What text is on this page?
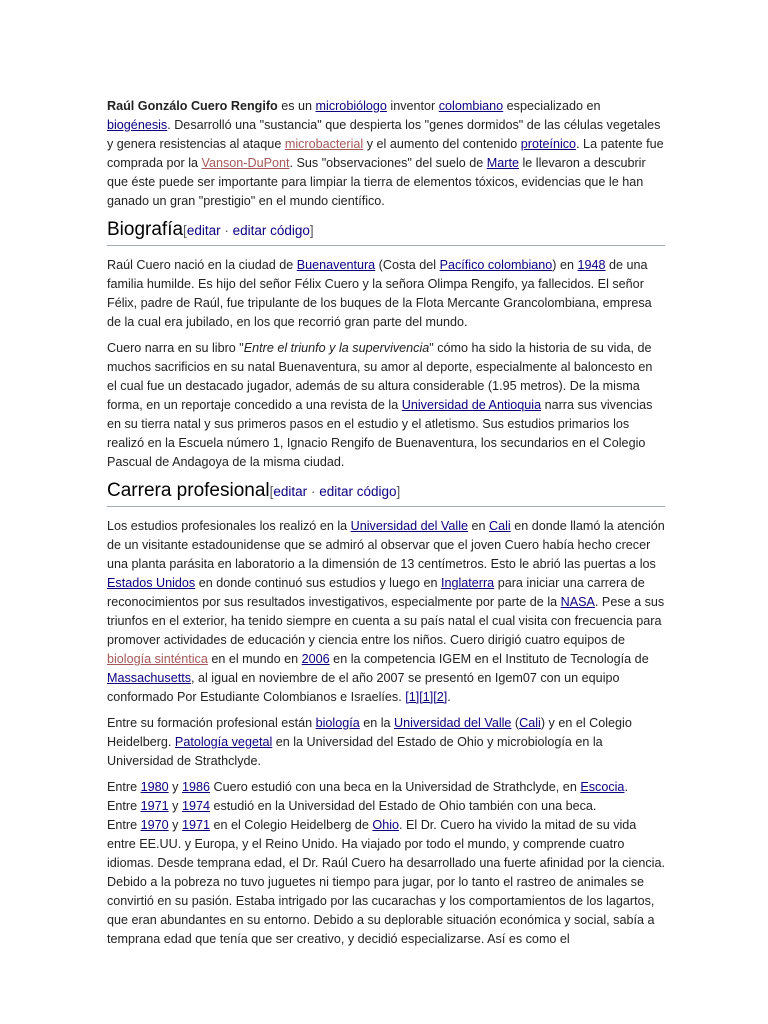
Raúl Gonzálo Cuero Rengifo es un microbiólogo inventor colombiano especializado en biogénesis. Desarrolló una "sustancia" que despierta los "genes dormidos" de las células vegetales y genera resistencias al ataque microbacterial y el aumento del contenido proteínico. La patente fue comprada por la Vanson-DuPont. Sus "observaciones" del suelo de Marte le llevaron a descubrir que éste puede ser importante para limpiar la tierra de elementos tóxicos, evidencias que le han ganado un gran "prestigio" en el mundo científico.

Biografía[editar · editar código]

Raúl Cuero nació en la ciudad de Buenaventura (Costa del Pacífico colombiano) en 1948 de una familia humilde. Es hijo del señor Félix Cuero y la señora Olimpa Rengifo, ya fallecidos. El señor Félix, padre de Raúl, fue tripulante de los buques de la Flota Mercante Grancolombiana, empresa de la cual era jubilado, en los que recorrió gran parte del mundo.

Cuero narra en su libro "Entre el triunfo y la supervivencia" cómo ha sido la historia de su vida, de muchos sacrificios en su natal Buenaventura, su amor al deporte, especialmente al baloncesto en el cual fue un destacado jugador, además de su altura considerable (1.95 metros). De la misma forma, en un reportaje concedido a una revista de la Universidad de Antioquia narra sus vivencias en su tierra natal y sus primeros pasos en el estudio y el atletismo. Sus estudios primarios los realizó en la Escuela número 1, Ignacio Rengifo de Buenaventura, los secundarios en el Colegio Pascual de Andagoya de la misma ciudad.

Carrera profesional[editar · editar código]

Los estudios profesionales los realizó en la Universidad del Valle en Cali en donde llamó la atención de un visitante estadounidense que se admiró al observar que el joven Cuero había hecho crecer una planta parásita en laboratorio a la dimensión de 13 centímetros. Esto le abrió las puertas a los Estados Unidos en donde continuó sus estudios y luego en Inglaterra para iniciar una carrera de reconocimientos por sus resultados investigativos, especialmente por parte de la NASA. Pese a sus triunfos en el exterior, ha tenido siempre en cuenta a su país natal el cual visita con frecuencia para promover actividades de educación y ciencia entre los niños. Cuero dirigió cuatro equipos de biología sinténtica en el mundo en 2006 en la competencia IGEM en el Instituto de Tecnología de Massachusetts, al igual en noviembre de el año 2007 se presentó en Igem07 con un equipo conformado Por Estudiante Colombianos e Israelíes. [1][1][2].

Entre su formación profesional están biología en la Universidad del Valle (Cali) y en el Colegio Heidelberg. Patología vegetal en la Universidad del Estado de Ohio y microbiología en la Universidad de Strathclyde.

Entre 1980 y 1986 Cuero estudió con una beca en la Universidad de Strathclyde, en Escocia.
Entre 1971 y 1974 estudió en la Universidad del Estado de Ohio también con una beca.
Entre 1970 y 1971 en el Colegio Heidelberg de Ohio. El Dr. Cuero ha vivido la mitad de su vida entre EE.UU. y Europa, y el Reino Unido. Ha viajado por todo el mundo, y comprende cuatro idiomas. Desde temprana edad, el Dr. Raúl Cuero ha desarrollado una fuerte afinidad por la ciencia. Debido a la pobreza no tuvo juguetes ni tiempo para jugar, por lo tanto el rastreo de animales se convirtió en su pasión. Estaba intrigado por las cucarachas y los comportamientos de los lagartos, que eran abundantes en su entorno. Debido a su deplorable situación económica y social, sabía a temprana edad que tenía que ser creativo, y decidió especializarse. Así es como el
